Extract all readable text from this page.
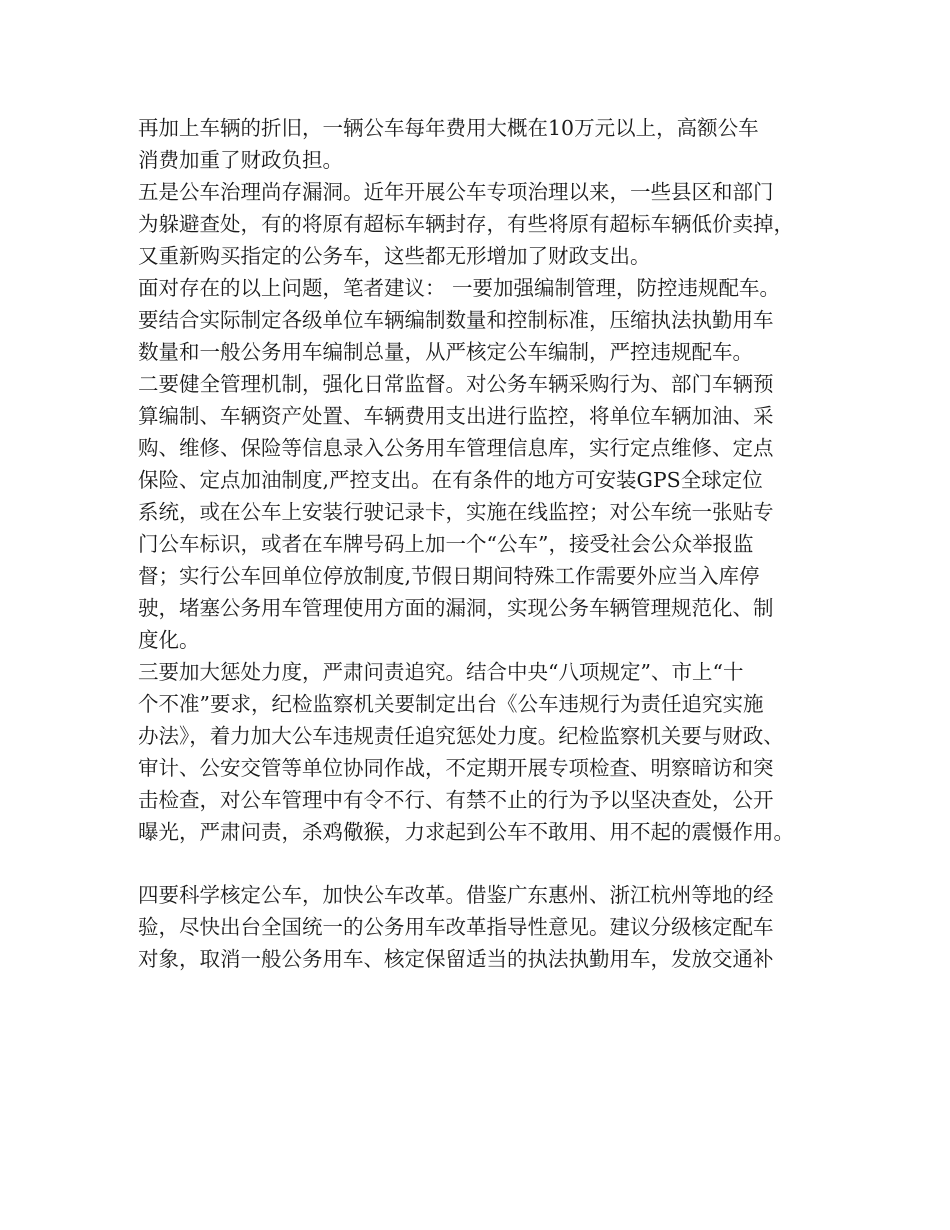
再加上车辆的折旧，一辆公车每年费用大概在10万元以上，高额公车
消费加重了财政负担。
五是公车治理尚存漏洞。近年开展公车专项治理以来，一些县区和部门
为躲避查处，有的将原有超标车辆封存，有些将原有超标车辆低价卖掉，
又重新购买指定的公务车，这些都无形增加了财政支出。
面对存在的以上问题，笔者建议： 一要加强编制管理，防控违规配车。
要结合实际制定各级单位车辆编制数量和控制标准，压缩执法执勤用车
数量和一般公务用车编制总量，从严核定公车编制，严控违规配车。
二要健全管理机制，强化日常监督。对公务车辆采购行为、部门车辆预
算编制、车辆资产处置、车辆费用支出进行监控，将单位车辆加油、采
购、维修、保险等信息录入公务用车管理信息库，实行定点维修、定点
保险、定点加油制度,严控支出。在有条件的地方可安装GPS全球定位
系统，或在公车上安装行驶记录卡，实施在线监控；对公车统一张贴专
门公车标识，或者在车牌号码上加一个“公车”，接受社会公众举报监
督；实行公车回单位停放制度,节假日期间特殊工作需要外应当入库停
驶，堵塞公务用车管理使用方面的漏洞，实现公务车辆管理规范化、制
度化。
三要加大惩处力度，严肃问责追究。结合中央“八项规定”、市上“十
个不准”要求，纪检监察机关要制定出台《公车违规行为责任追究实施
办法》，着力加大公车违规责任追究惩处力度。纪检监察机关要与财政、
审计、公安交管等单位协同作战，不定期开展专项检查、明察暗访和突
击检查，对公车管理中有令不行、有禁不止的行为予以坚决查处，公开
曝光，严肃问责，杀鸡儆猴，力求起到公车不敢用、用不起的震慑作用。
四要科学核定公车，加快公车改革。借鉴广东惠州、浙江杭州等地的经
验，尽快出台全国统一的公务用车改革指导性意见。建议分级核定配车
对象，取消一般公务用车、核定保留适当的执法执勤用车，发放交通补
